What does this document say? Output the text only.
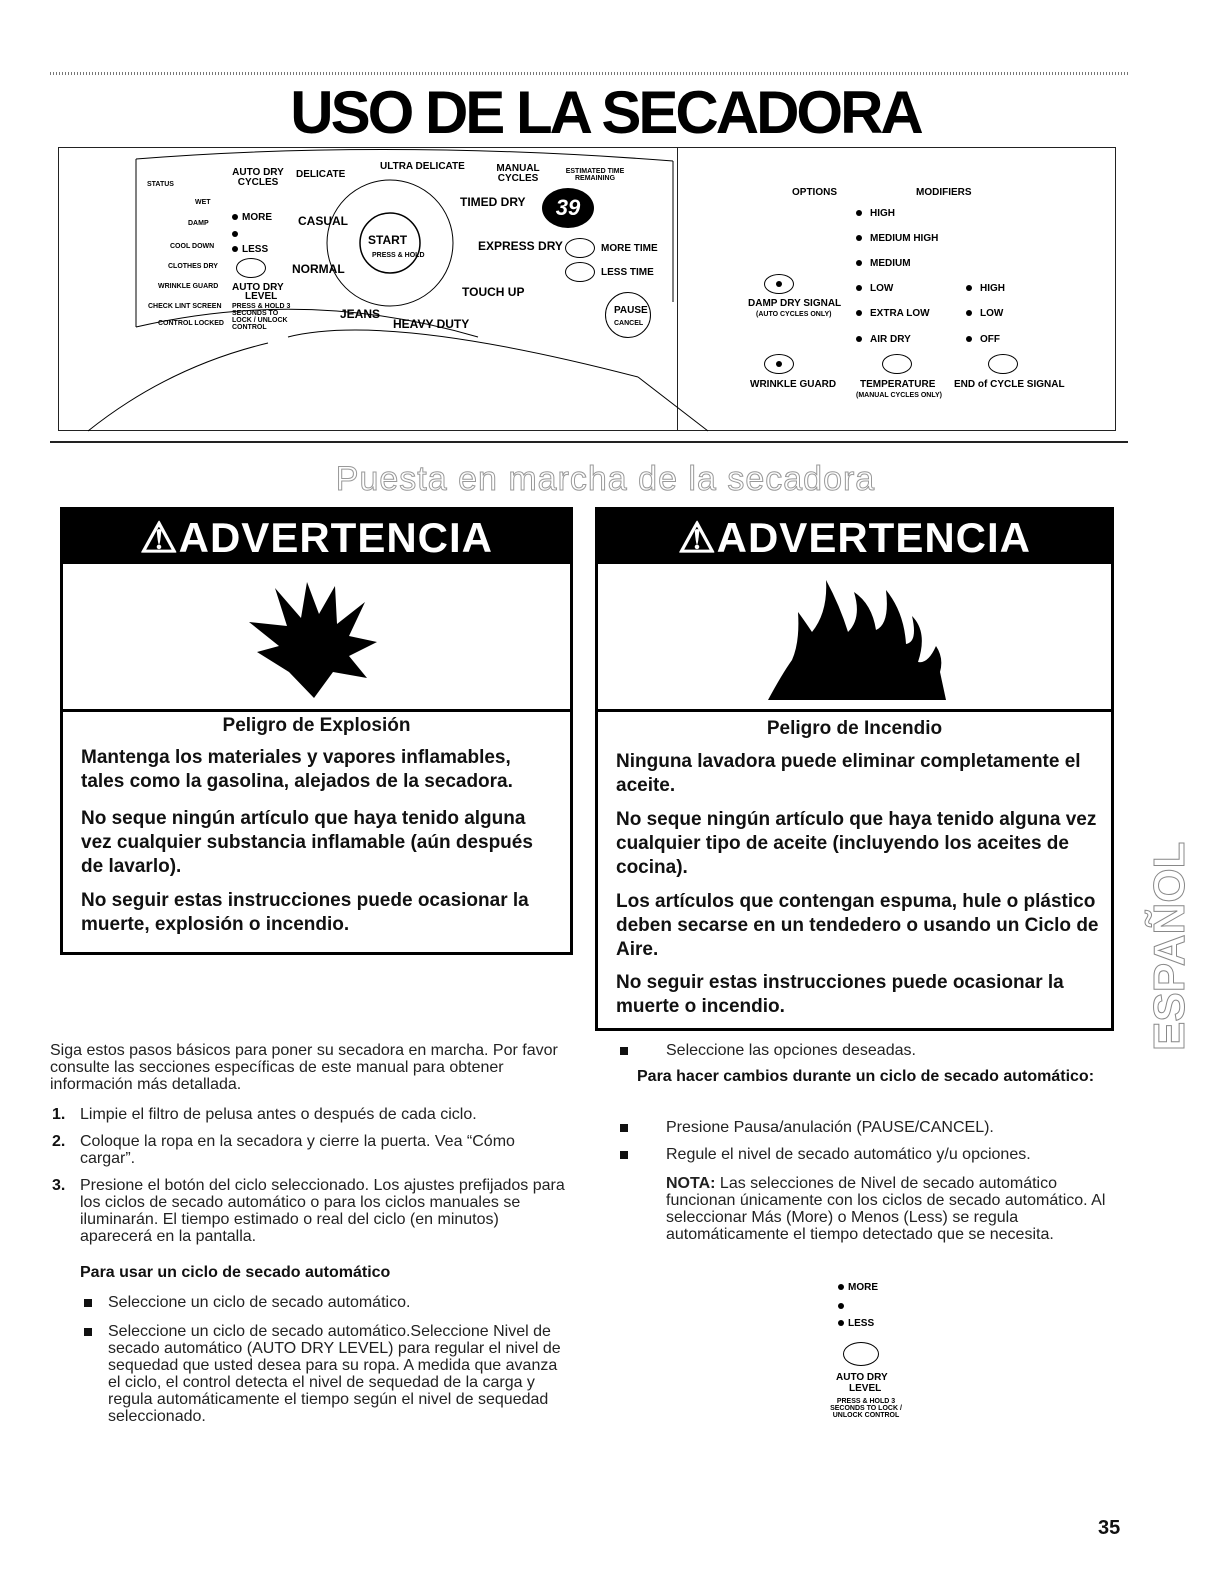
USO DE LA SECADORA
STATUS
WET
DAMP
COOL DOWN
CLOTHES DRY
WRINKLE GUARD
CHECK LINT SCREEN
CONTROL LOCKED
AUTO DRY CYCLES
DELICATE
ULTRA DELICATE	MANUAL CYCLES
ESTIMATED TIME REMAINING
TIMED DRY
CASUAL
NORMAL
JEANS
HEAVY DUTY
EXPRESS DRY
TOUCH UP
START
PRESS & HOLD
39
MORE TIME
LESS TIME
PAUSE
CANCEL
MORE
LESS
AUTO DRY
LEVEL
PRESS & HOLD 3 SECONDS TO LOCK / UNLOCK CONTROL
OPTIONS	MODIFIERS
HIGH
MEDIUM HIGH
MEDIUM
LOW
EXTRA LOW
AIR DRY
HIGH
LOW
OFF
DAMP DRY SIGNAL
(AUTO CYCLES ONLY)
WRINKLE GUARD TEMPERATURE
(MANUAL CYCLES ONLY)
END of CYCLE SIGNAL
Puesta en marcha de la secadora
⚠ADVERTENCIA
Peligro de Explosión
Mantenga los materiales y vapores inflamables, tales como la gasolina, alejados de la secadora.
No seque ningún artículo que haya tenido alguna vez cualquier substancia inflamable (aún después de lavarlo).
No seguir estas instrucciones puede ocasionar la muerte, explosión o incendio.
⚠ADVERTENCIA
Peligro de Incendio
Ninguna lavadora puede eliminar completamente el aceite.
No seque ningún artículo que haya tenido alguna vez cualquier tipo de aceite (incluyendo los aceites de cocina).
Los artículos que contengan espuma, hule o plástico deben secarse en un tendedero o usando un Ciclo de Aire.
No seguir estas instrucciones puede ocasionar la muerte o incendio.
Siga estos pasos básicos para poner su secadora en marcha. Por favor consulte las secciones específicas de este manual para obtener información más detallada.
1. Limpie el filtro de pelusa antes o después de cada ciclo.
2. Coloque la ropa en la secadora y cierre la puerta. Vea “Cómo cargar”.
3. Presione el botón del ciclo seleccionado. Los ajustes prefijados para los ciclos de secado automático o para los ciclos manuales se iluminarán. El tiempo estimado o real del ciclo (en minutos) aparecerá en la pantalla.
Para usar un ciclo de secado automático
Seleccione un ciclo de secado automático.
Seleccione un ciclo de secado automático.Seleccione Nivel de secado automático (AUTO DRY LEVEL) para regular el nivel de sequedad que usted desea para su ropa. A medida que avanza el ciclo, el control detecta el nivel de sequedad de la carga y regula automáticamente el tiempo según el nivel de sequedad seleccionado.
Seleccione las opciones deseadas.
Para hacer cambios durante un ciclo de secado automático:
Presione Pausa/anulación (PAUSE/CANCEL).
Regule el nivel de secado automático y/u opciones.
NOTA: Las selecciones de Nivel de secado automático funcionan únicamente con los ciclos de secado automático. Al seleccionar Más (More) o Menos (Less) se regula automáticamente el tiempo detectado que se necesita.
MORE
LESS
AUTO DRY
LEVEL
PRESS & HOLD 3 SECONDS TO LOCK / UNLOCK CONTROL
ESPAÑOL
35
